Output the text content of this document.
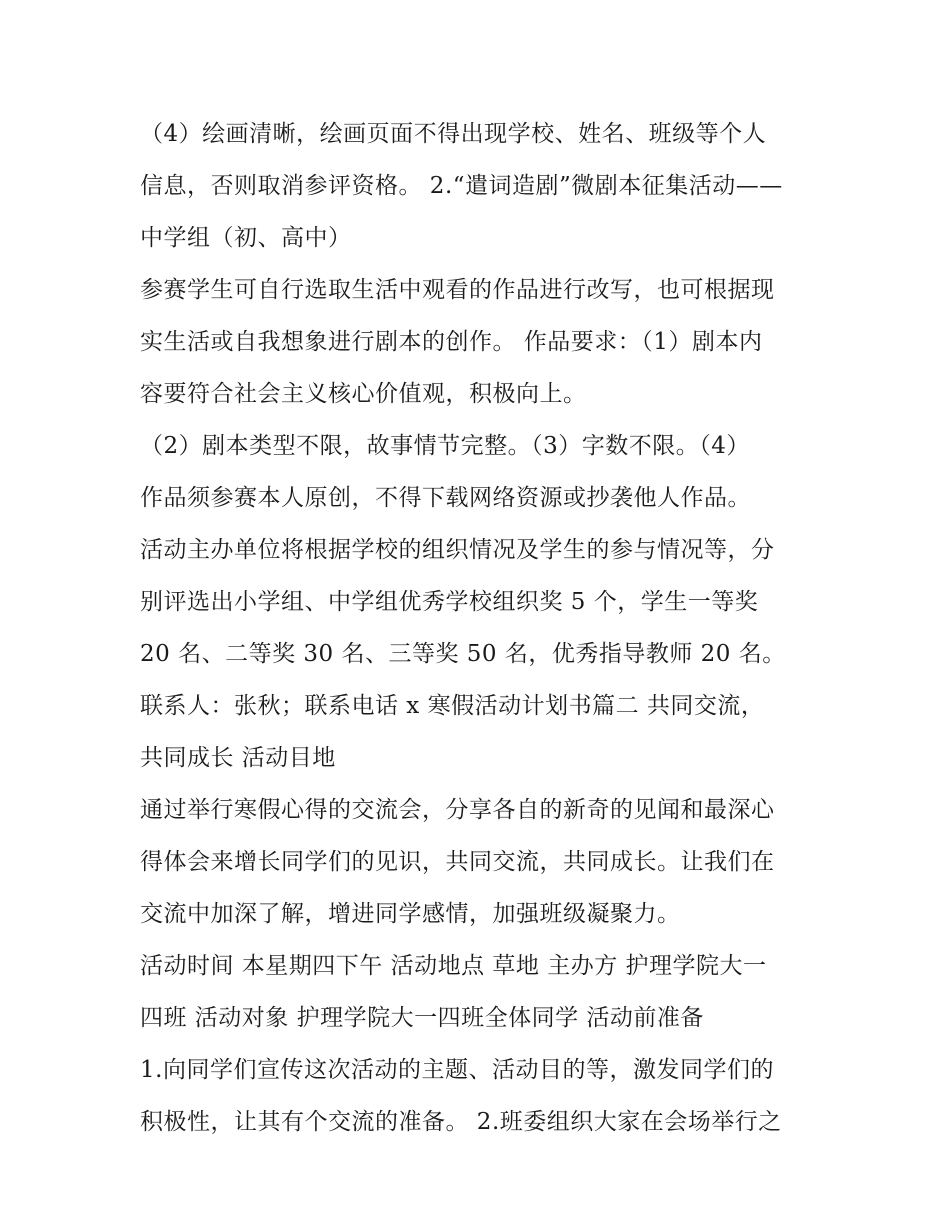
（4）绘画清晰，绘画页面不得出现学校、姓名、班级等个人
信息，否则取消参评资格。 2.“遣词造剧”微剧本征集活动——
中学组（初、高中）
参赛学生可自行选取生活中观看的作品进行改写，也可根据现
实生活或自我想象进行剧本的创作。 作品要求：（1）剧本内
容要符合社会主义核心价值观，积极向上。
（2）剧本类型不限，故事情节完整。（3）字数不限。（4）
作品须参赛本人原创，不得下载网络资源或抄袭他人作品。
活动主办单位将根据学校的组织情况及学生的参与情况等，分
别评选出小学组、中学组优秀学校组织奖 5 个，学生一等奖
20 名、二等奖 30 名、三等奖 50 名，优秀指导教师 20 名。
联系人：张秋；联系电话 x 寒假活动计划书篇二 共同交流，
共同成长 活动目地
通过举行寒假心得的交流会，分享各自的新奇的见闻和最深心
得体会来增长同学们的见识，共同交流，共同成长。让我们在
交流中加深了解，增进同学感情，加强班级凝聚力。
活动时间 本星期四下午 活动地点 草地 主办方 护理学院大一
四班 活动对象 护理学院大一四班全体同学 活动前准备
1.向同学们宣传这次活动的主题、活动目的等，激发同学们的
积极性，让其有个交流的准备。 2.班委组织大家在会场举行之
